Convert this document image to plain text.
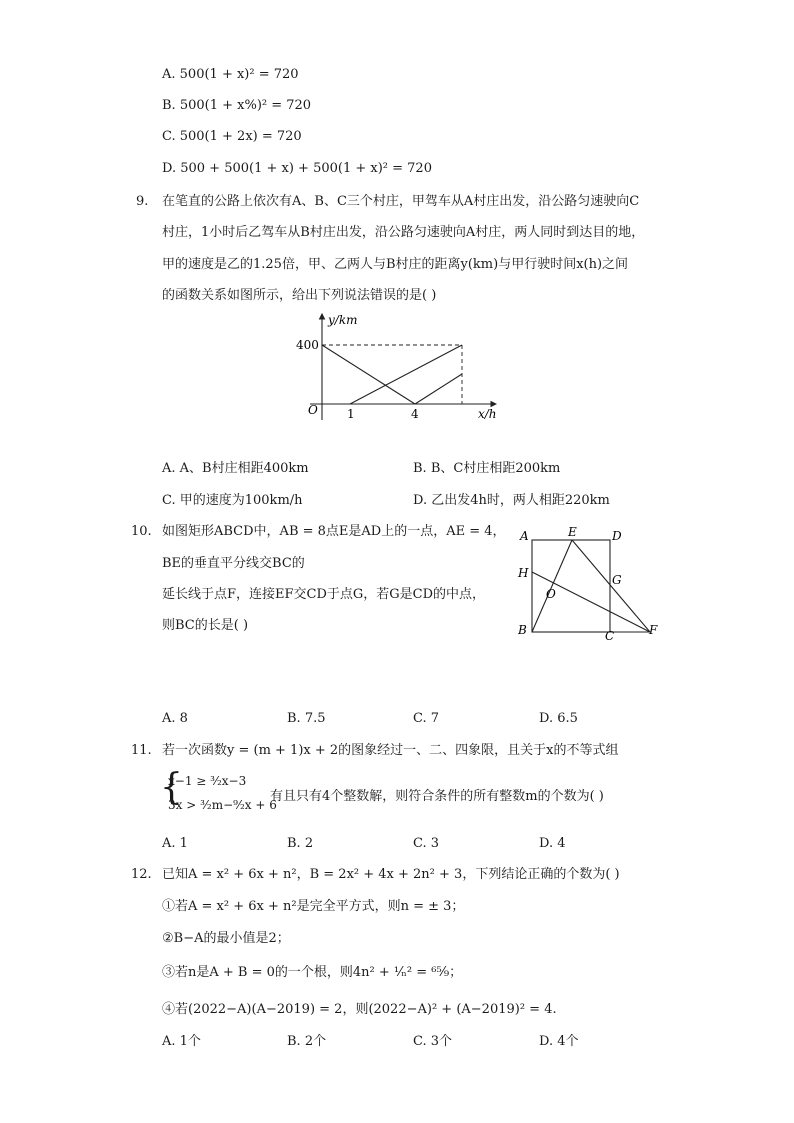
A. 500(1 + x)² = 720
B. 500(1 + x%)² = 720
C. 500(1 + 2x) = 720
D. 500 + 500(1 + x) + 500(1 + x)² = 720
9. 在笔直的公路上依次有A、B、C三个村庄，甲驾车从A村庄出发，沿公路匀速驶向C
村庄，1小时后乙驾车从B村庄出发，沿公路匀速驶向A村庄，两人同时到达目的地，
甲的速度是乙的1.25倍，甲、乙两人与B村庄的距离y(km)与甲行驶时间x(h)之间
的函数关系如图所示，给出下列说法错误的是( )
y/km
x/h
O
400
1	4
A. A、B村庄相距400km	B. B、C村庄相距200km
C. 甲的速度为100km/h	D. 乙出发4h时，两人相距220km
10. 如图矩形ABCD中，AB = 8点E是AD上的一点，AE = 4，
BE的垂直平分线交BC的
延长线于点F，连接EF交CD于点G，若G是CD的中点，
则BC的长是( )
A	E	D
H	G
O
B	C	F
A. 8	B. 7.5	C. 7	D. 6.5
11. 若一次函数y = (m + 1)x + 2的图象经过一、二、四象限，且关于x的不等式组
{
x−1 ≥ ³⁄₂x−3
3x > ³⁄₂m−⁹⁄₂x + 6
有且只有4个整数解，则符合条件的所有整数m的个数为( )
A. 1	B. 2	C. 3	D. 4
12. 已知A = x² + 6x + n²，B = 2x² + 4x + 2n² + 3，下列结论正确的个数为( )
①若A = x² + 6x + n²是完全平方式，则n = ± 3；
②B−A的最小值是2；
③若n是A + B = 0的一个根，则4n² + ¹⁄ₙ² = ⁶⁵⁄₉；
④若(2022−A)(A−2019) = 2，则(2022−A)² + (A−2019)² = 4.
A. 1个	B. 2个	C. 3个	D. 4个
